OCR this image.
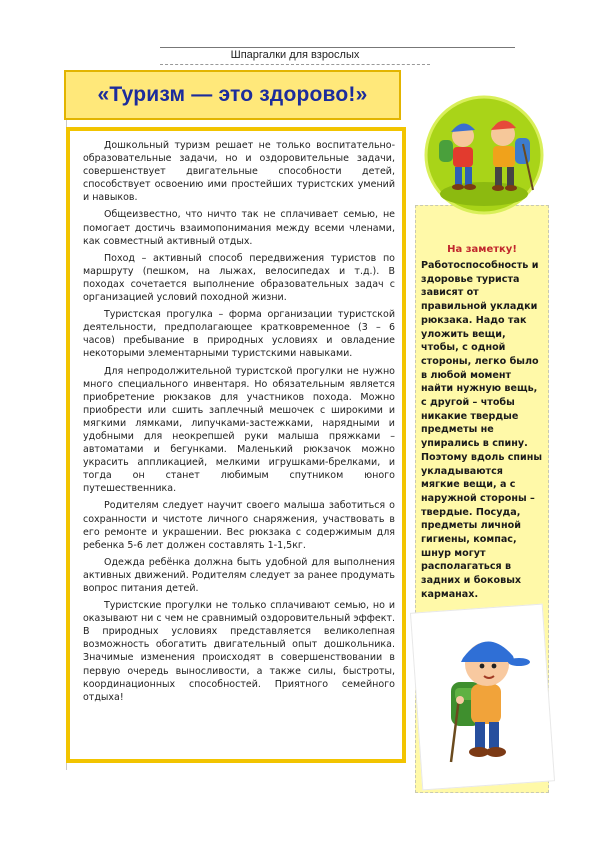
Шпаргалки для взрослых
«Туризм — это здорово!»

Дошкольный туризм решает не только воспитательно-образовательные задачи, но и оздоровительные задачи, совершенствует двигательные способности детей, способствует освоению ими простейших туристских умений и навыков.

Общеизвестно, что ничто так не сплачивает семью, не помогает достичь взаимопонимания между всеми членами, как совместный активный отдых.

Поход – активный способ передвижения туристов по маршруту (пешком, на лыжах, велосипедах и т.д.). В походах сочетается выполнение образовательных задач с организацией условий походной жизни.

Туристская прогулка – форма организации туристской деятельности, предполагающее кратковременное (3 – 6 часов) пребывание в природных условиях и овладение некоторыми элементарными туристскими навыками.

Для непродолжительной туристской прогулки не нужно много специального инвентаря. Но обязательным является приобретение рюкзаков для участников похода. Можно приобрести или сшить заплечный мешочек с широкими и мягкими лямками, липучками-застежками, нарядными и удобными для неокрепшей руки малыша пряжками – автоматами и бегунками. Маленький рюкзачок можно украсить аппликацией, мелкими игрушками-брелками, и тогда он станет любимым спутником юного путешественника.

Родителям следует научит своего малыша заботиться о сохранности и чистоте личного снаряжения, участвовать в его ремонте и украшении. Вес рюкзака с содержимым для ребенка 5-6 лет должен составлять 1-1,5кг.

Одежда ребёнка должна быть удобной для выполнения активных движений. Родителям следует за ранее продумать вопрос питания детей.

Туристские прогулки не только сплачивают семью, но и оказывают ни с чем не сравнимый оздоровительный эффект. В природных условиях представляется великолепная возможность обогатить двигательный опыт дошкольника. Значимые изменения происходят в совершенствовании в первую очередь выносливости, а также силы, быстроты, координационных способностей. Приятного семейного отдыха!

На заметку!

Работоспособность и здоровье туриста зависят от правильной укладки рюкзака. Надо так уложить вещи, чтобы, с одной стороны, легко было в любой момент найти нужную вещь, с другой – чтобы никакие твердые предметы не упирались в спину. Поэтому вдоль спины укладываются мягкие вещи, а с наружной стороны – твердые. Посуда, предметы личной гигиены, компас, шнур могут располагаться в задних и боковых карманах.
